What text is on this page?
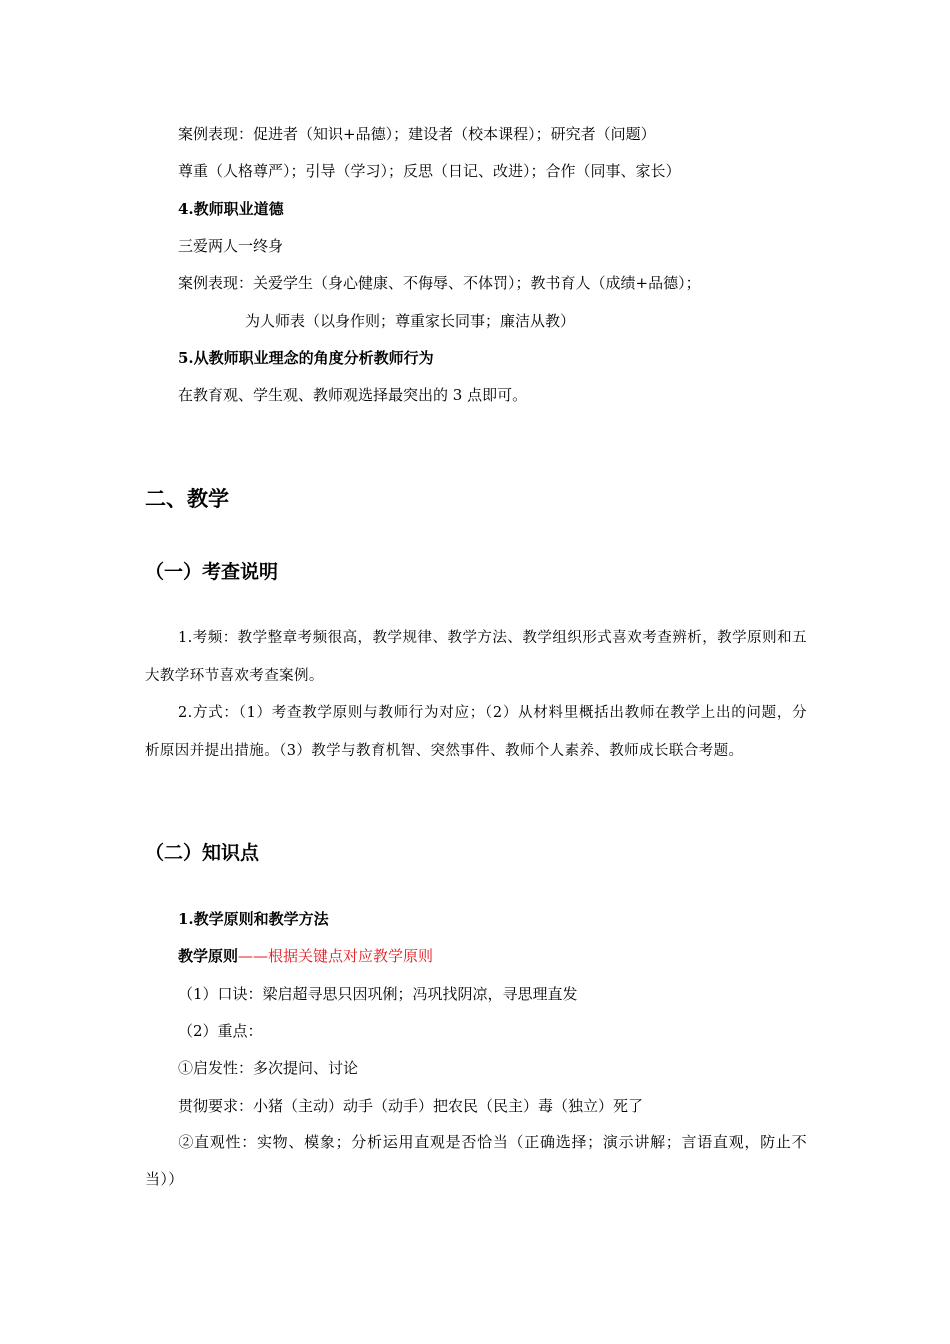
案例表现：促进者（知识+品德）；建设者（校本课程）；研究者（问题）
尊重（人格尊严）；引导（学习）；反思（日记、改进）；合作（同事、家长）
4.教师职业道德
三爱两人一终身
案例表现：关爱学生（身心健康、不侮辱、不体罚）；教书育人（成绩+品德）；
为人师表（以身作则；尊重家长同事；廉洁从教）
5.从教师职业理念的角度分析教师行为
在教育观、学生观、教师观选择最突出的 3 点即可。
二、教学
（一）考查说明
1.考频：教学整章考频很高，教学规律、教学方法、教学组织形式喜欢考查辨析，教学原则和五大教学环节喜欢考查案例。
2.方式：（1）考查教学原则与教师行为对应；（2）从材料里概括出教师在教学上出的问题，分析原因并提出措施。（3）教学与教育机智、突然事件、教师个人素养、教师成长联合考题。
（二）知识点
1.教学原则和教学方法
教学原则——根据关键点对应教学原则
（1）口诀：梁启超寻思只因巩俐；冯巩找阴凉，寻思理直发
（2）重点：
①启发性：多次提问、讨论
贯彻要求：小猪（主动）动手（动手）把农民（民主）毒（独立）死了
②直观性：实物、模象；分析运用直观是否恰当（正确选择；演示讲解；言语直观，防止不当））
